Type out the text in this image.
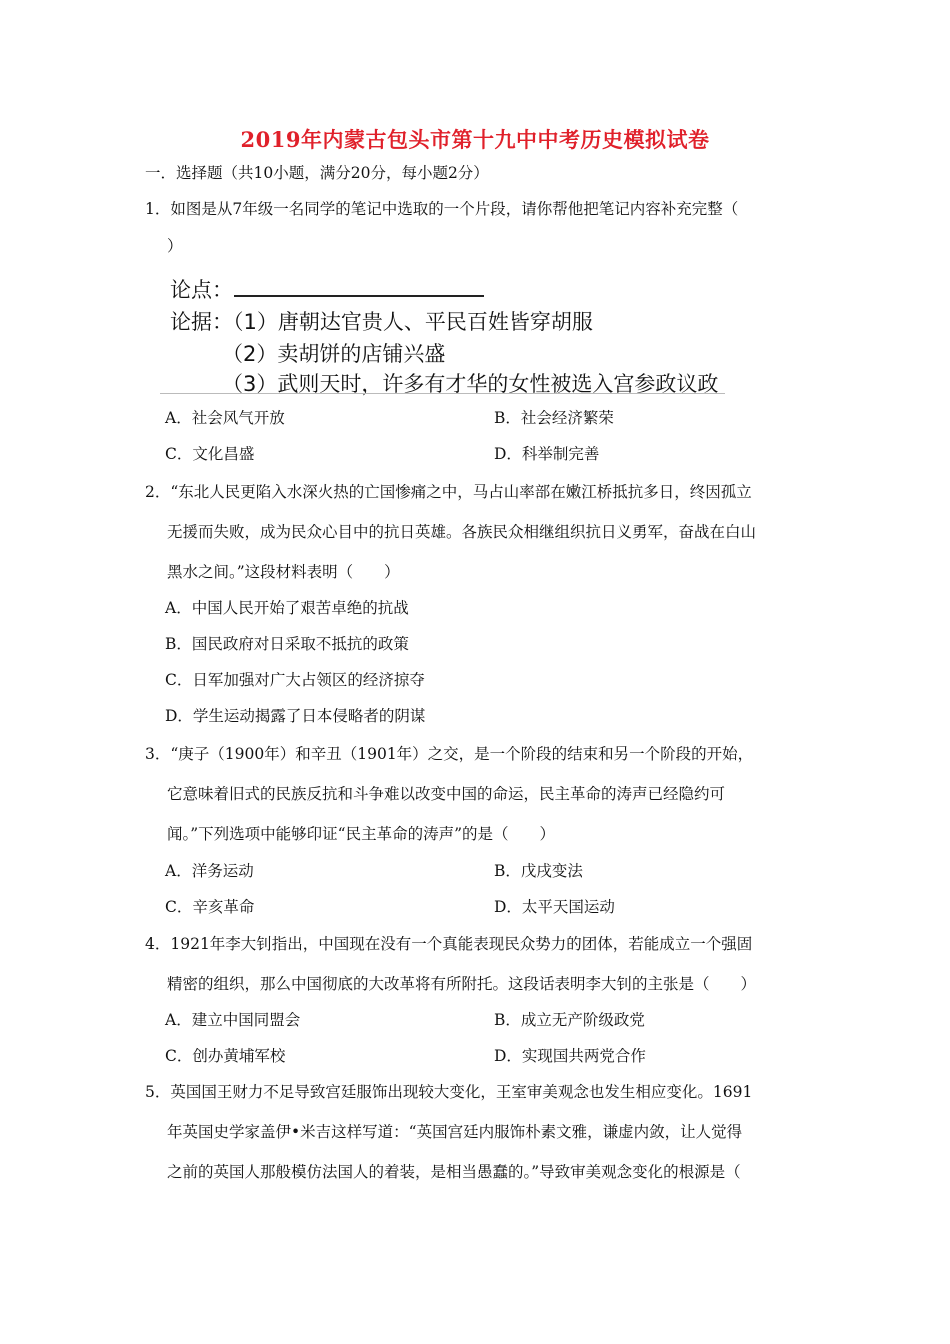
2019年内蒙古包头市第十九中中考历史模拟试卷
一．选择题（共10小题，满分20分，每小题2分）
1．如图是从7年级一名同学的笔记中选取的一个片段，请你帮他把笔记内容补充完整（
）
论点：
论据：（1）唐朝达官贵人、平民百姓皆穿胡服
（2）卖胡饼的店铺兴盛
（3）武则天时，许多有才华的女性被选入宫参政议政
A．社会风气开放	B．社会经济繁荣
C．文化昌盛	D．科举制完善
2．“东北人民更陷入水深火热的亡国惨痛之中，马占山率部在嫩江桥抵抗多日，终因孤立
无援而失败，成为民众心目中的抗日英雄。各族民众相继组织抗日义勇军，奋战在白山
黑水之间。”这段材料表明（　　）
A．中国人民开始了艰苦卓绝的抗战
B．国民政府对日采取不抵抗的政策
C．日军加强对广大占领区的经济掠夺
D．学生运动揭露了日本侵略者的阴谋
3．“庚子（1900年）和辛丑（1901年）之交，是一个阶段的结束和另一个阶段的开始，
它意味着旧式的民族反抗和斗争难以改变中国的命运，民主革命的涛声已经隐约可
闻。”下列选项中能够印证“民主革命的涛声”的是（　　）
A．洋务运动	B．戊戌变法
C．辛亥革命	D．太平天国运动
4．1921年李大钊指出，中国现在没有一个真能表现民众势力的团体，若能成立一个强固
精密的组织，那么中国彻底的大改革将有所附托。这段话表明李大钊的主张是（　　）
A．建立中国同盟会	B．成立无产阶级政党
C．创办黄埔军校	D．实现国共两党合作
5．英国国王财力不足导致宫廷服饰出现较大变化，王室审美观念也发生相应变化。1691
年英国史学家盖伊•米吉这样写道：“英国宫廷内服饰朴素文雅，谦虚内敛，让人觉得
之前的英国人那般模仿法国人的着装，是相当愚蠢的。”导致审美观念变化的根源是（
